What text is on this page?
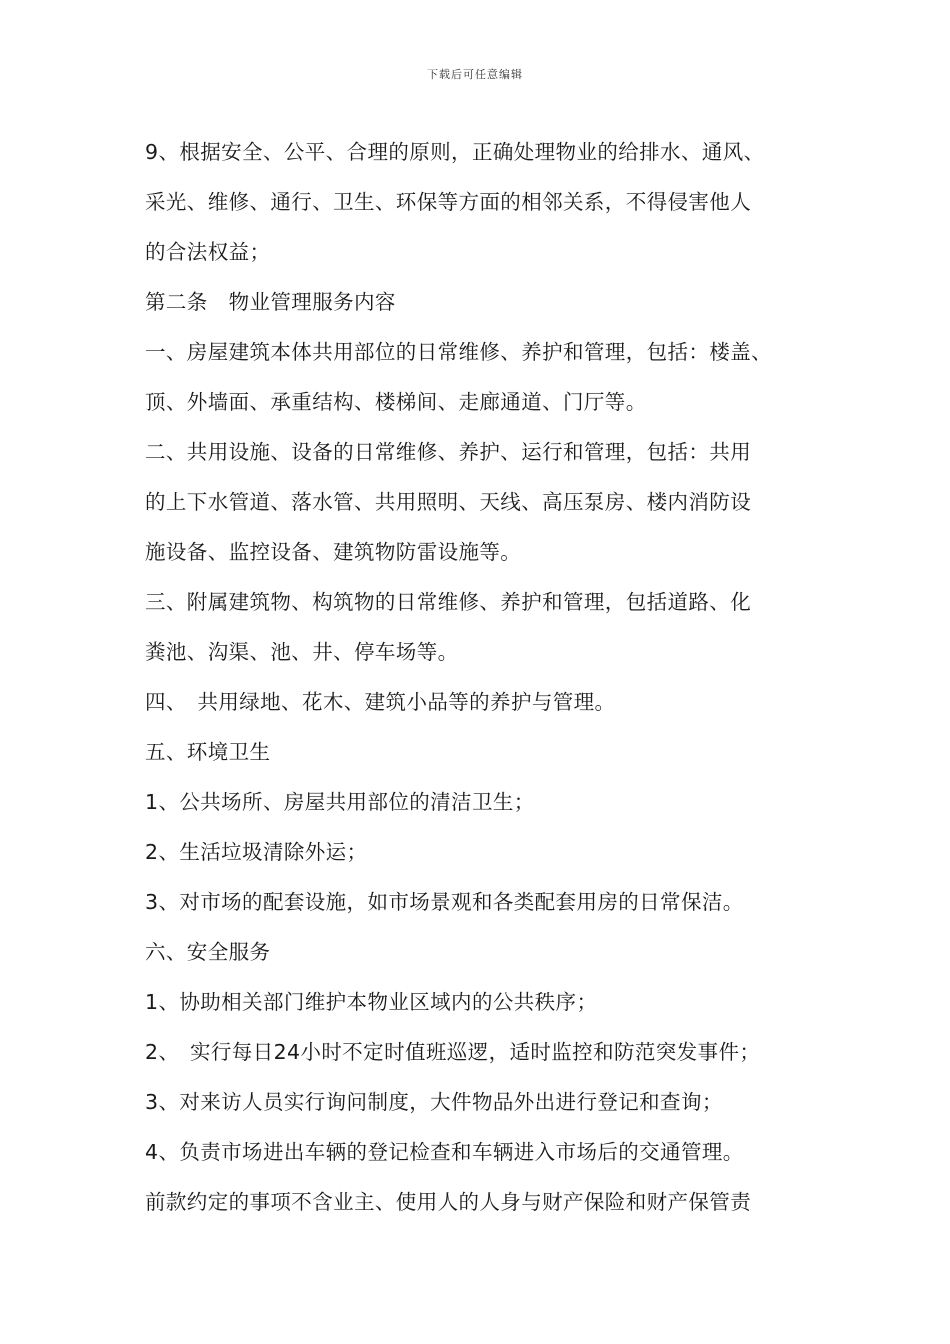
下载后可任意编辑
9、根据安全、公平、合理的原则，正确处理物业的给排水、通风、
采光、维修、通行、卫生、环保等方面的相邻关系，不得侵害他人
的合法权益；
第二条　物业管理服务内容
一、房屋建筑本体共用部位的日常维修、养护和管理，包括：楼盖、
顶、外墙面、承重结构、楼梯间、走廊通道、门厅等。
二、共用设施、设备的日常维修、养护、运行和管理，包括：共用
的上下水管道、落水管、共用照明、天线、高压泵房、楼内消防设
施设备、监控设备、建筑物防雷设施等。
三、附属建筑物、构筑物的日常维修、养护和管理，包括道路、化
粪池、沟渠、池、井、停车场等。
四、　共用绿地、花木、建筑小品等的养护与管理。
五、环境卫生
1、公共场所、房屋共用部位的清洁卫生；
2、生活垃圾清除外运；
3、对市场的配套设施，如市场景观和各类配套用房的日常保洁。
六、安全服务
1、协助相关部门维护本物业区域内的公共秩序；
2、　实行每日24小时不定时值班巡逻，适时监控和防范突发事件；
3、对来访人员实行询问制度，大件物品外出进行登记和查询；
4、负责市场进出车辆的登记检查和车辆进入市场后的交通管理。
前款约定的事项不含业主、使用人的人身与财产保险和财产保管责
